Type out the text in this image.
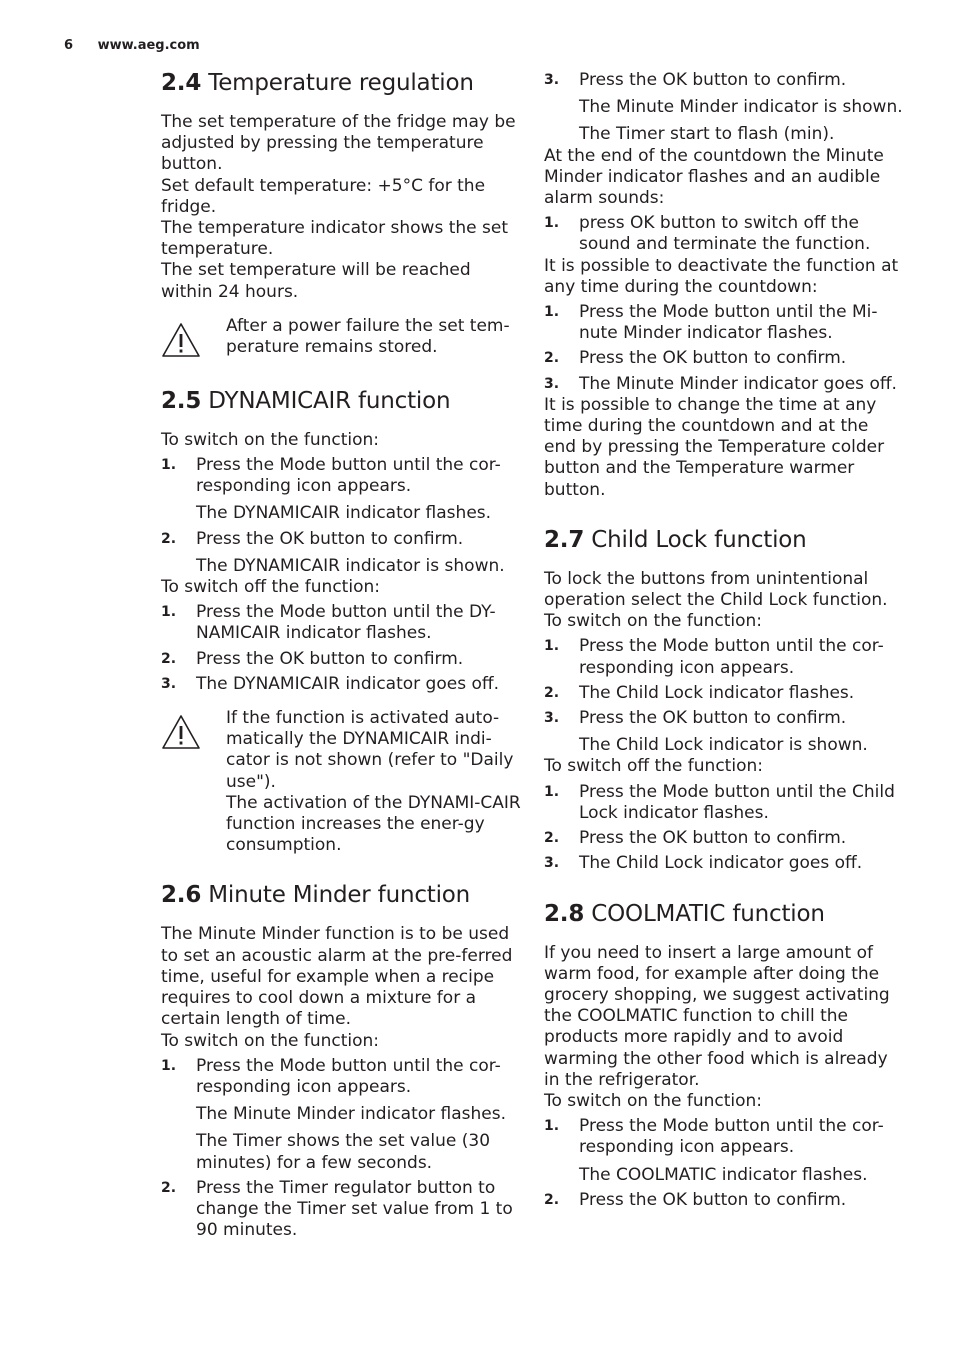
6 www.aeg.com
2.4 Temperature regulation

The set temperature of the fridge may be adjusted by pressing the temperature button.

Set default temperature: +5°C for the fridge.

The temperature indicator shows the set temperature.

The set temperature will be reached within 24 hours.

After a power failure the set tem-perature remains stored.
2.5 DYNAMICAIR function

To switch on the function:

1.	Press the Mode button until the cor-responding icon appears.
The DYNAMICAIR indicator flashes.
2.	Press the OK button to confirm.
The DYNAMICAIR indicator is shown.

To switch off the function:

1.	Press the Mode button until the DY-NAMICAIR indicator flashes.
2.	Press the OK button to confirm.
3.	The DYNAMICAIR indicator goes off.
If the function is activated auto-matically the DYNAMICAIR indi-cator is not shown (refer to "Daily use").
The activation of the DYNAMI-CAIR function increases the ener-gy consumption.
2.6 Minute Minder function

The Minute Minder function is to be used to set an acoustic alarm at the pre-ferred time, useful for example when a recipe requires to cool down a mixture for a certain length of time.

To switch on the function:

1.	Press the Mode button until the cor-responding icon appears.
The Minute Minder indicator flashes.
The Timer shows the set value (30 minutes) for a few seconds.
2.	Press the Timer regulator button to change the Timer set value from 1 to 90 minutes.
3.	Press the OK button to confirm.
The Minute Minder indicator is shown.
The Timer start to flash (min).

At the end of the countdown the Minute Minder indicator flashes and an audible alarm sounds:

1.	press OK button to switch off the sound and terminate the function.

It is possible to deactivate the function at any time during the countdown:

1.	Press the Mode button until the Mi-nute Minder indicator flashes.
2.	Press the OK button to confirm.
3.	The Minute Minder indicator goes off.

It is possible to change the time at any time during the countdown and at the end by pressing the Temperature colder button and the Temperature warmer button.

2.7 Child Lock function

To lock the buttons from unintentional operation select the Child Lock function.

To switch on the function:

1.	Press the Mode button until the cor-responding icon appears.
2.	The Child Lock indicator flashes.
3.	Press the OK button to confirm.
The Child Lock indicator is shown.

To switch off the function:

1.	Press the Mode button until the Child Lock indicator flashes.
2.	Press the OK button to confirm.
3.	The Child Lock indicator goes off.
2.8 COOLMATIC function

If you need to insert a large amount of warm food, for example after doing the grocery shopping, we suggest activating the COOLMATIC function to chill the products more rapidly and to avoid warming the other food which is already in the refrigerator.

To switch on the function:

1.	Press the Mode button until the cor-responding icon appears.
The COOLMATIC indicator flashes.
2.	Press the OK button to confirm.
